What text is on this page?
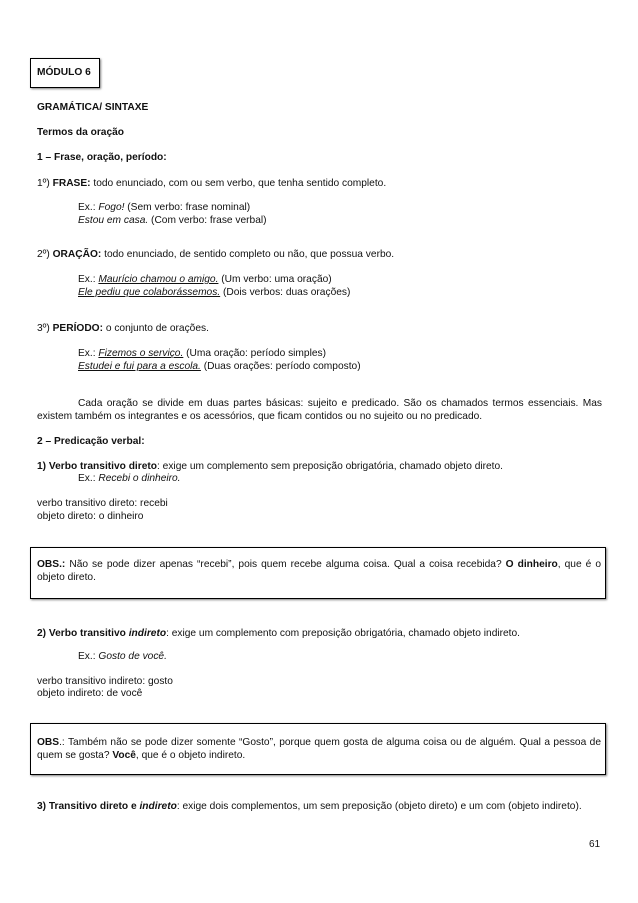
MÓDULO 6
GRAMÁTICA/ SINTAXE
Termos da oração
1 – Frase, oração, período:
1º) FRASE: todo enunciado, com ou sem verbo, que tenha sentido completo.
Ex.: Fogo! (Sem verbo: frase nominal)
Estou em casa. (Com verbo: frase verbal)
2º) ORAÇÃO: todo enunciado, de sentido completo ou não, que possua verbo.
Ex.: Maurício chamou o amigo. (Um verbo: uma oração)
Ele pediu que colaborássemos. (Dois verbos: duas orações)
3º) PERÍODO: o conjunto de orações.
Ex.: Fizemos o serviço. (Uma oração: período simples)
Estudei e fui para a escola. (Duas orações: período composto)
Cada oração se divide em duas partes básicas: sujeito e predicado. São os chamados termos essenciais. Mas existem também os integrantes e os acessórios, que ficam contidos ou no sujeito ou no predicado.
2 – Predicação verbal:
1) Verbo transitivo direto: exige um complemento sem preposição obrigatória, chamado objeto direto.
Ex.: Recebi o dinheiro.
verbo transitivo direto: recebi
objeto direto: o dinheiro
OBS.: Não se pode dizer apenas “recebi”, pois quem recebe alguma coisa. Qual a coisa recebida? O dinheiro, que é o objeto direto.
2) Verbo transitivo indireto: exige um complemento com preposição obrigatória, chamado objeto indireto.
Ex.: Gosto de você.
verbo transitivo indireto: gosto
objeto indireto: de você
OBS.: Também não se pode dizer somente “Gosto”, porque quem gosta de alguma coisa ou de alguém. Qual a pessoa de quem se gosta? Você, que é o objeto indireto.
3) Transitivo direto e indireto: exige dois complementos, um sem preposição (objeto direto) e um com (objeto indireto).
61
